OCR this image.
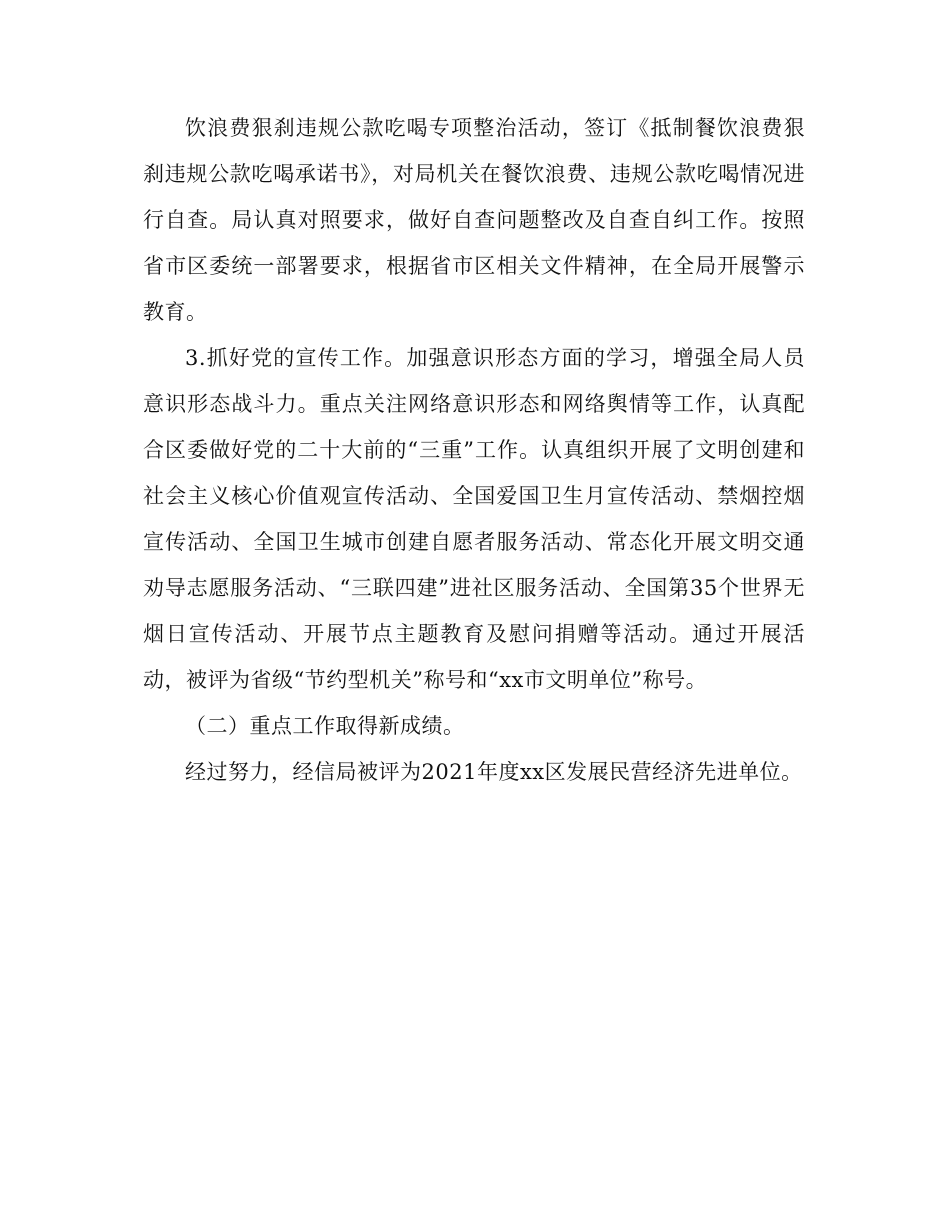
饮浪费狠刹违规公款吃喝专项整治活动，签订《抵制餐饮浪费狠刹违规公款吃喝承诺书》，对局机关在餐饮浪费、违规公款吃喝情况进行自查。局认真对照要求，做好自查问题整改及自查自纠工作。按照省市区委统一部署要求，根据省市区相关文件精神，在全局开展警示教育。

3.抓好党的宣传工作。加强意识形态方面的学习，增强全局人员意识形态战斗力。重点关注网络意识形态和网络舆情等工作，认真配合区委做好党的二十大前的“三重”工作。认真组织开展了文明创建和社会主义核心价值观宣传活动、全国爱国卫生月宣传活动、禁烟控烟宣传活动、全国卫生城市创建自愿者服务活动、常态化开展文明交通劝导志愿服务活动、“三联四建”进社区服务活动、全国第35个世界无烟日宣传活动、开展节点主题教育及慰问捐赠等活动。通过开展活动，被评为省级“节约型机关”称号和“xx市文明单位”称号。

（二）重点工作取得新成绩。

经过努力，经信局被评为2021年度xx区发展民营经济先进单位。
